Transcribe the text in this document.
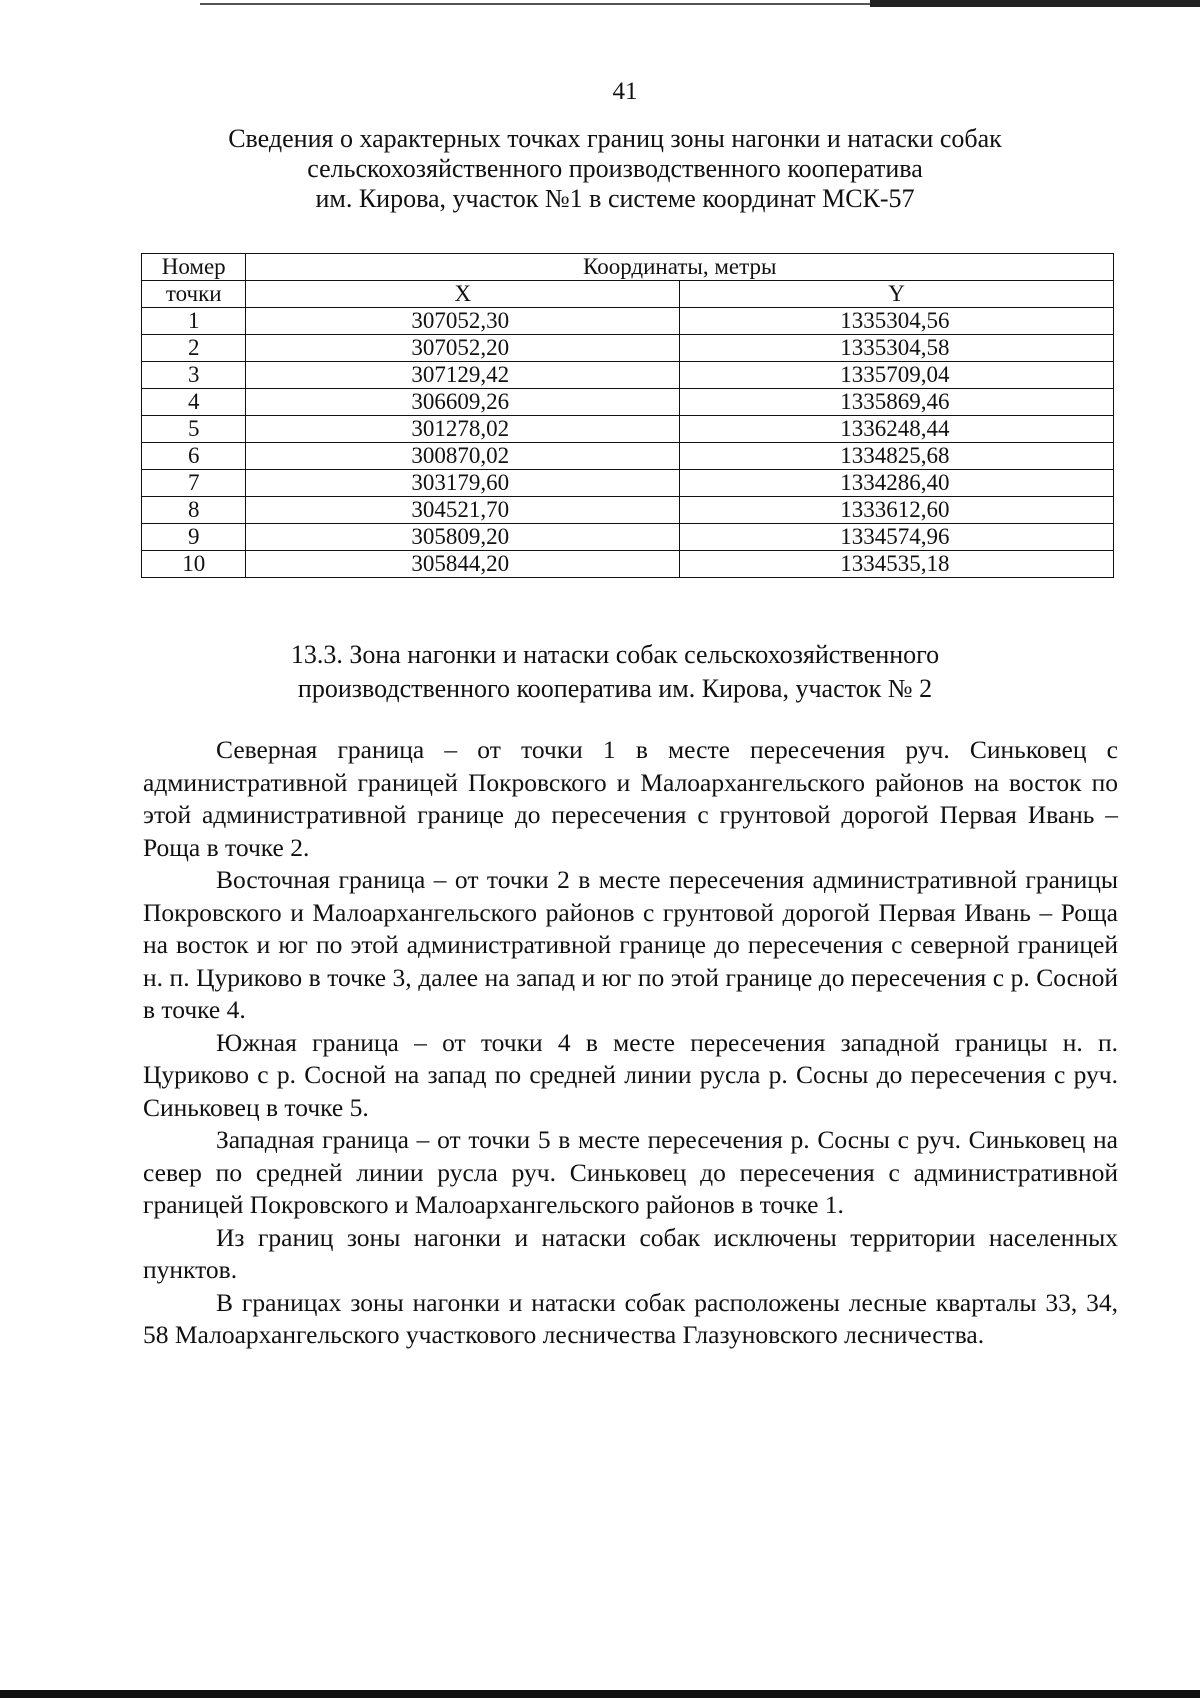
41
Сведения о характерных точках границ зоны нагонки и натаски собак
сельскохозяйственного производственного кооператива
им. Кирова, участок №1 в системе координат МСК-57
Номер	Координаты, метры	
точки	X	Y
1	307052,30	1335304,56
2	307052,20	1335304,58
3	307129,42	1335709,04
4	306609,26	1335869,46
5	301278,02	1336248,44
6	300870,02	1334825,68
7	303179,60	1334286,40
8	304521,70	1333612,60
9	305809,20	1334574,96
10	305844,20	1334535,18
13.3. Зона нагонки и натаски собак сельскохозяйственного
производственного кооператива им. Кирова, участок № 2

Северная граница – от точки 1 в месте пересечения руч. Синьковец с административной границей Покровского и Малоархангельского районов на восток по этой административной границе до пересечения с грунтовой дорогой Первая Ивань – Роща в точке 2.

Восточная граница – от точки 2 в месте пересечения административной границы Покровского и Малоархангельского районов с грунтовой дорогой Первая Ивань – Роща на восток и юг по этой административной границе до пересечения с северной границей н. п. Цуриково в точке 3, далее на запад и юг по этой границе до пересечения с р. Сосной в точке 4.

Южная граница – от точки 4 в месте пересечения западной границы н. п. Цуриково с р. Сосной на запад по средней линии русла р. Сосны до пересечения с руч. Синьковец в точке 5.

Западная граница – от точки 5 в месте пересечения р. Сосны с руч. Синьковец на север по средней линии русла руч. Синьковец до пересечения с административной границей Покровского и Малоархангельского районов в точке 1.

Из границ зоны нагонки и натаски собак исключены территории населенных пунктов.

В границах зоны нагонки и натаски собак расположены лесные кварталы 33, 34, 58 Малоархангельского участкового лесничества Глазуновского лесничества.
